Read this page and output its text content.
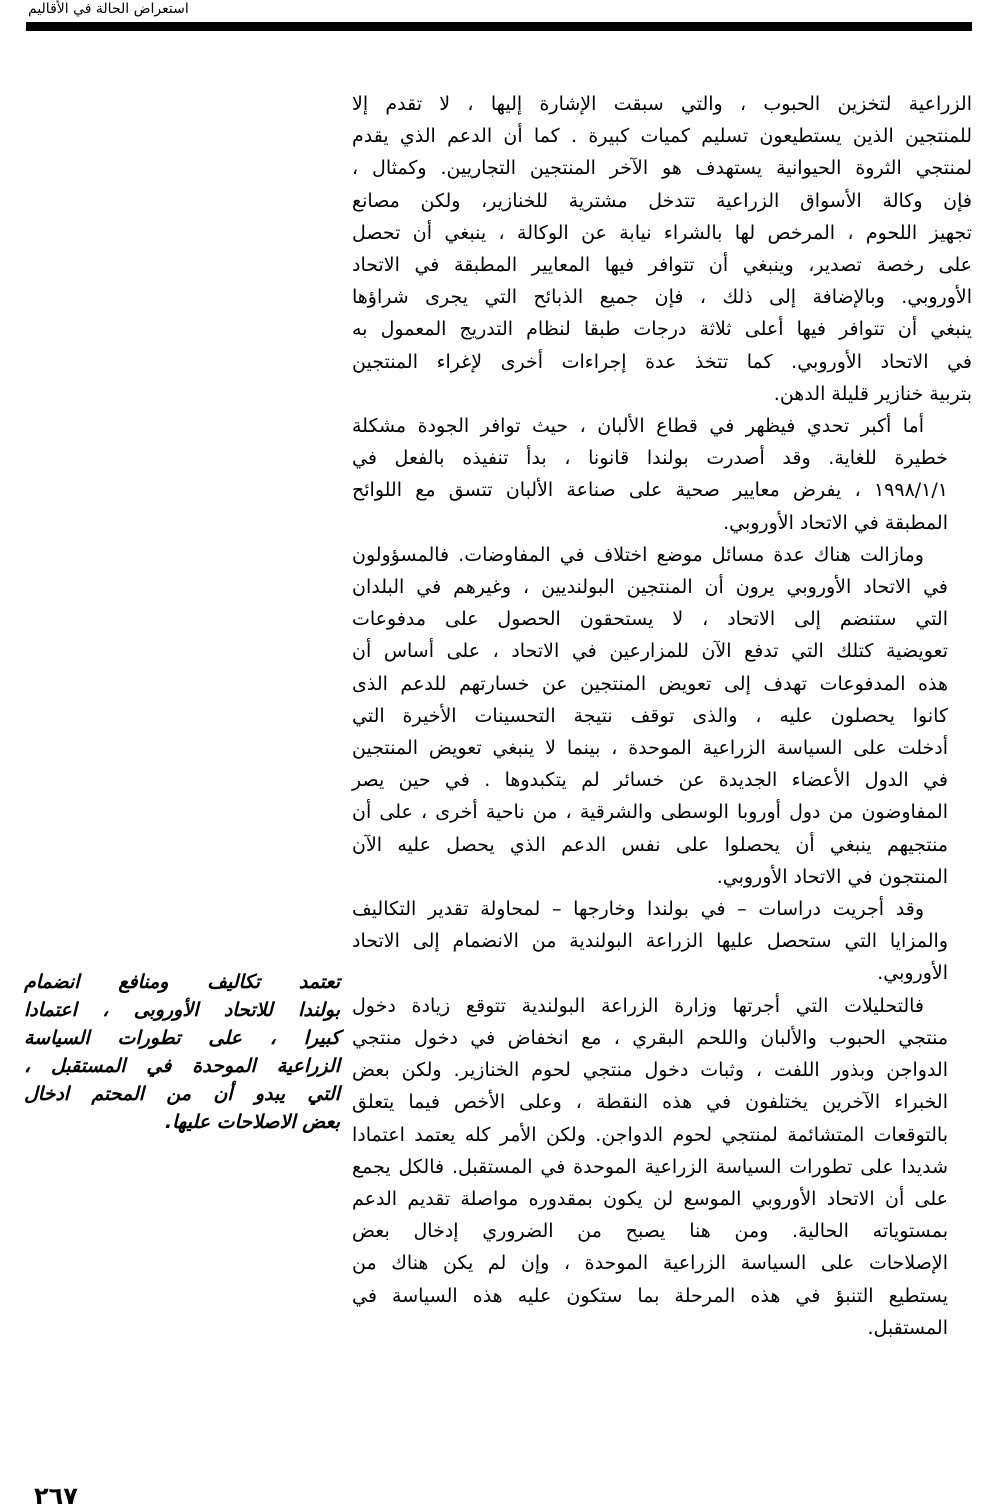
استعراض الحالة في الأقاليم

الزراعية لتخزين الحبوب ، والتي سبقت الإشارة إليها ، لا تقدم إلا
للمنتجين الذين يستطيعون تسليم كميات كبيرة . كما أن الدعم الذي يقدم
لمنتجي الثروة الحيوانية يستهدف هو الآخر المنتجين التجاريين. وكمثال ،
فإن وكالة الأسواق الزراعية تتدخل مشترية للخنازير، ولكن مصانع
تجهيز اللحوم ، المرخص لها بالشراء نيابة عن الوكالة ، ينبغي أن تحصل
على رخصة تصدير، وينبغي أن تتوافر فيها المعايير المطبقة في الاتحاد
الأوروبي. وبالإضافة إلى ذلك ، فإن جميع الذبائح التي يجرى شراؤها
ينبغي أن تتوافر فيها أعلى ثلاثة درجات طبقا لنظام التدريج المعمول به
في الاتحاد الأوروبي. كما تتخذ عدة إجراءات أخرى لإغراء المنتجين
بتربية خنازير قليلة الدهن.

أما أكبر تحدي فيظهر في قطاع الألبان ، حيث توافر الجودة مشكلة
خطيرة للغاية. وقد أصدرت بولندا قانونا ، بدأ تنفيذه بالفعل في
١٩٩٨/١/١ ، يفرض معايير صحية على صناعة الألبان تتسق مع اللوائح
المطبقة في الاتحاد الأوروبي.

ومازالت هناك عدة مسائل موضع اختلاف في المفاوضات. فالمسؤولون
في الاتحاد الأوروبي يرون أن المنتجين البولنديين ، وغيرهم في البلدان
التي ستنضم إلى الاتحاد ، لا يستحقون الحصول على مدفوعات
تعويضية كتلك التي تدفع الآن للمزارعين في الاتحاد ، على أساس أن
هذه المدفوعات تهدف إلى تعويض المنتجين عن خسارتهم للدعم الذى
كانوا يحصلون عليه ، والذى توقف نتيجة التحسينات الأخيرة التي
أدخلت على السياسة الزراعية الموحدة ، بينما لا ينبغي تعويض المنتجين
في الدول الأعضاء الجديدة عن خسائر لم يتكبدوها . في حين يصر
المفاوضون من دول أوروبا الوسطى والشرقية ، من ناحية أخرى ، على أن
منتجيهم ينبغي أن يحصلوا على نفس الدعم الذي يحصل عليه الآن
المنتجون في الاتحاد الأوروبي.

وقد أجريت دراسات – في بولندا وخارجها – لمحاولة تقدير التكاليف
والمزايا التي ستحصل عليها الزراعة البولندية من الانضمام إلى الاتحاد
الأوروبي.

فالتحليلات التي أجرتها وزارة الزراعة البولندية تتوقع زيادة دخول
منتجي الحبوب والألبان واللحم البقري ، مع انخفاض في دخول منتجي
الدواجن وبذور اللفت ، وثبات دخول منتجي لحوم الخنازير. ولكن بعض
الخبراء الآخرين يختلفون في هذه النقطة ، وعلى الأخص فيما يتعلق
بالتوقعات المتشائمة لمنتجي لحوم الدواجن. ولكن الأمر كله يعتمد اعتمادا
شديدا على تطورات السياسة الزراعية الموحدة في المستقبل. فالكل يجمع
على أن الاتحاد الأوروبي الموسع لن يكون بمقدوره مواصلة تقديم الدعم
بمستوياته الحالية. ومن هنا يصبح من الضروري إدخال بعض
الإصلاحات على السياسة الزراعية الموحدة ، وإن لم يكن هناك من
يستطيع التنبؤ في هذه المرحلة بما ستكون عليه هذه السياسة في
المستقبل.

تعتمد تكاليف ومنافع انضمام
بولندا للاتحاد الأوروبى ، اعتمادا
كبيرا ، على تطورات السياسة
الزراعية الموحدة في المستقبل ،
التي يبدو أن من المحتم ادخال
بعض الاصلاحات عليها.
٢٦٧
